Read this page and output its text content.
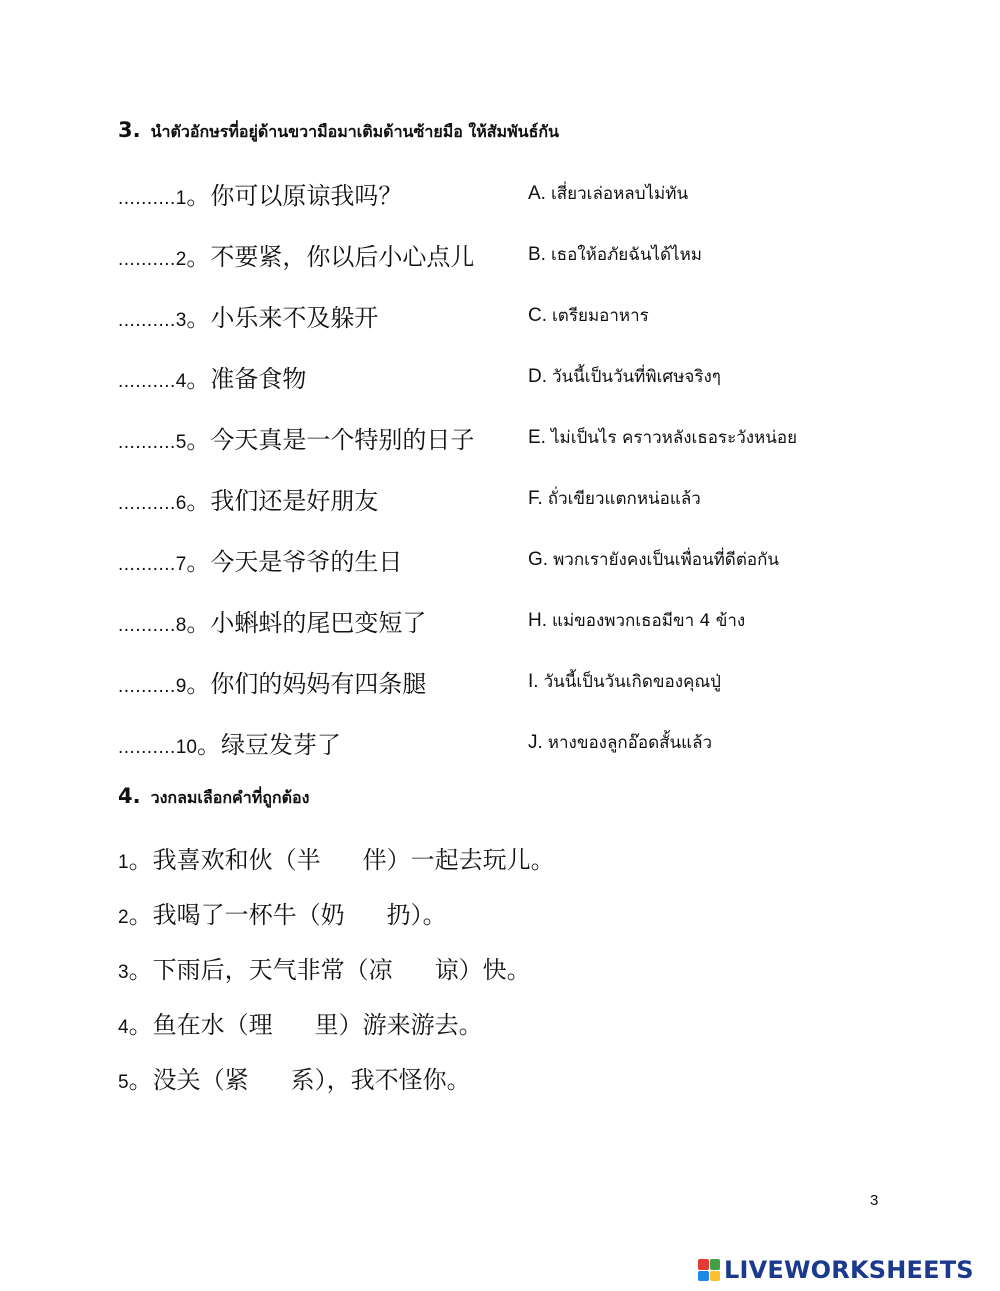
3. นำตัวอักษรที่อยู่ด้านขวามือมาเติมด้านซ้ายมือ ให้สัมพันธ์กัน
..........1。你可以原谅我吗？	A. เสี่ยวเล่อหลบไม่ทัน
..........2。不要紧，你以后小心点儿	B. เธอให้อภัยฉันได้ไหม
..........3。小乐来不及躲开	C. เตรียมอาหาร
..........4。准备食物	D. วันนี้เป็นวันที่พิเศษจริงๆ
..........5。今天真是一个特别的日子	E. ไม่เป็นไร คราวหลังเธอระวังหน่อย
..........6。我们还是好朋友	F. ถั่วเขียวแตกหน่อแล้ว
..........7。今天是爷爷的生日	G. พวกเรายังคงเป็นเพื่อนที่ดีต่อกัน
..........8。小蝌蚪的尾巴变短了	H. แม่ของพวกเธอมีขา 4 ข้าง
..........9。你们的妈妈有四条腿	I. วันนี้เป็นวันเกิดของคุณปู่
..........10。绿豆发芽了	J. หางของลูกอ๊อดสั้นแล้ว
4. วงกลมเลือกคำที่ถูกต้อง
1。我喜欢和伙（半 伴）一起去玩儿。
2。我喝了一杯牛（奶 扔）。
3。下雨后，天气非常（凉 谅）快。
4。鱼在水（理 里）游来游去。
5。没关（紧 系），我不怪你。
3
LIVEWORKSHEETS
